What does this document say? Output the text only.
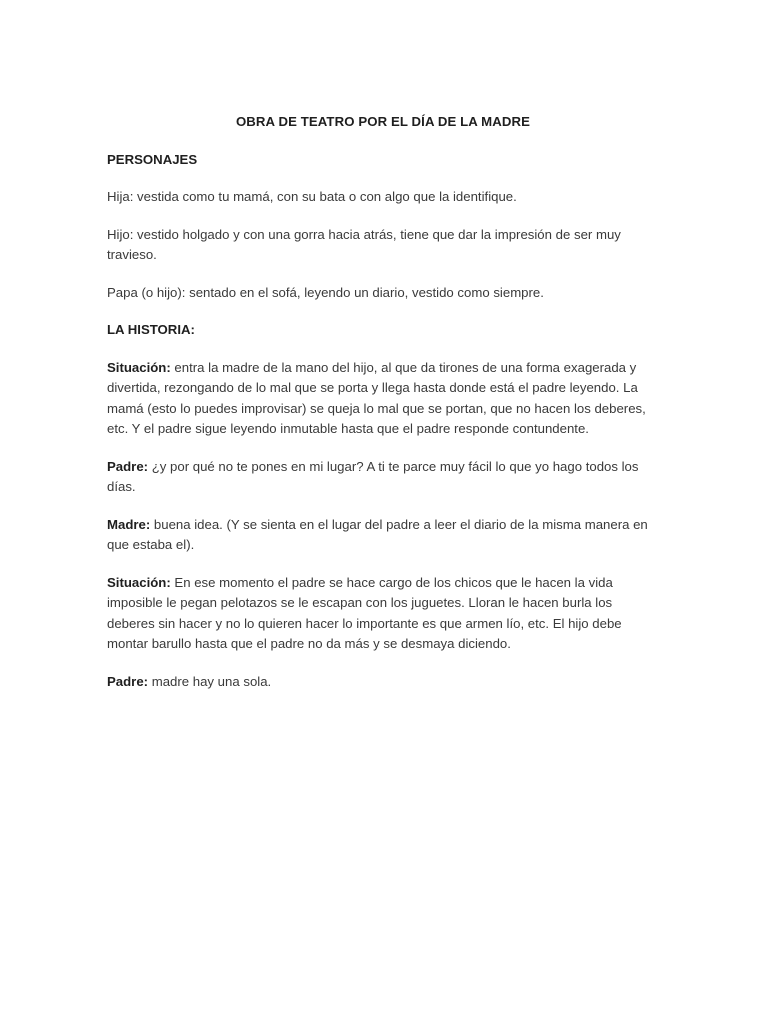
OBRA DE TEATRO POR EL DÍA DE LA MADRE
PERSONAJES
Hija: vestida como tu mamá, con su bata o con algo que la identifique.
Hijo: vestido holgado y con una gorra hacia atrás, tiene que dar la impresión de ser muy travieso.
Papa (o hijo): sentado en el sofá, leyendo un diario, vestido como siempre.
LA HISTORIA:
Situación: entra la madre de la mano del hijo, al que da tirones de una forma exagerada y divertida, rezongando de lo mal que se porta y llega hasta donde está el padre leyendo. La mamá (esto lo puedes improvisar) se queja lo mal que se portan, que no hacen los deberes, etc. Y el padre sigue leyendo inmutable hasta que el padre responde contundente.
Padre: ¿y por qué no te pones en mi lugar? A ti te parce muy fácil lo que yo hago todos los días.
Madre: buena idea. (Y se sienta en el lugar del padre a leer el diario de la misma manera en que estaba el).
Situación: En ese momento el padre se hace cargo de los chicos que le hacen la vida imposible le pegan pelotazos se le escapan con los juguetes. Lloran le hacen burla los deberes sin hacer y no lo quieren hacer lo importante es que armen lío, etc. El hijo debe montar barullo hasta que el padre no da más y se desmaya diciendo.
Padre: madre hay una sola.
